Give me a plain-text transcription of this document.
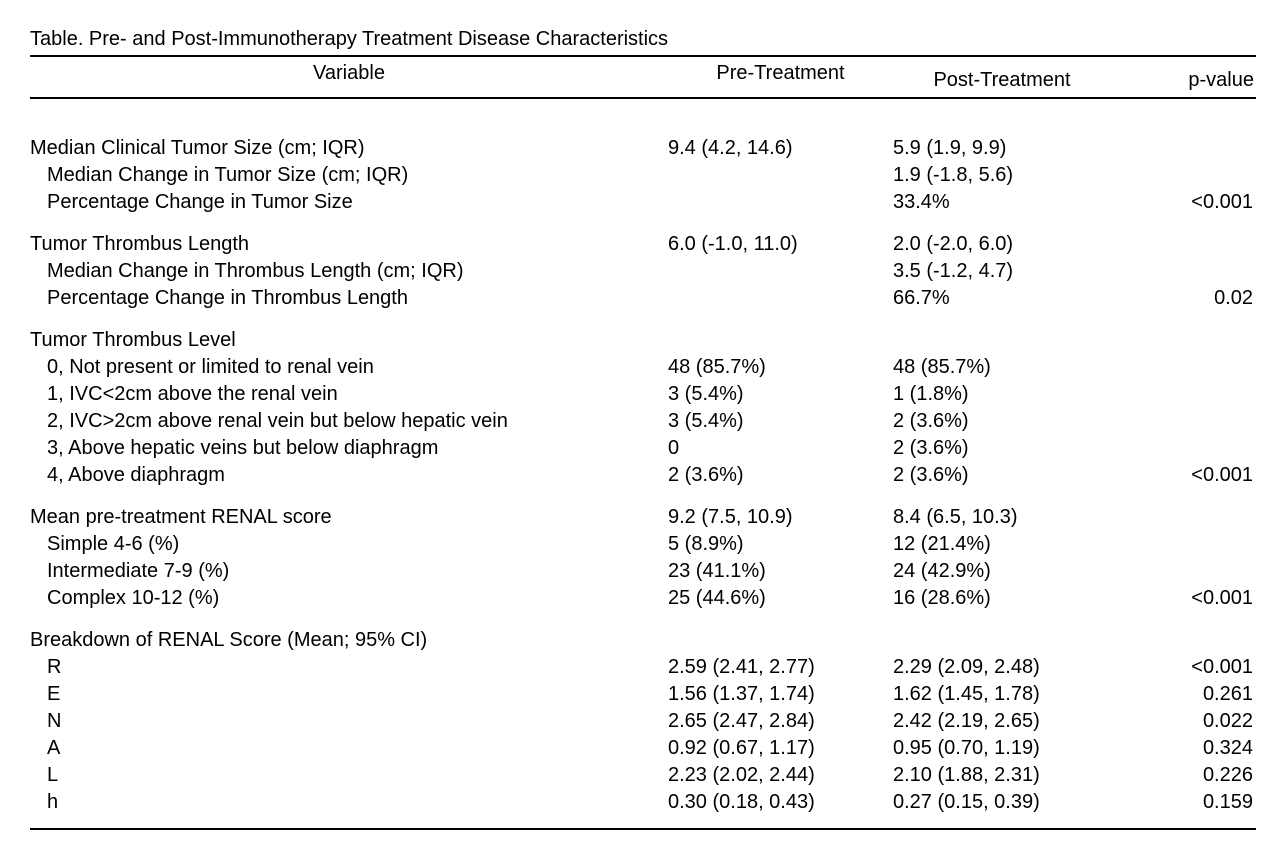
Table. Pre- and Post-Immunotherapy Treatment Disease Characteristics
Variable	Pre-Treatment	Post-Treatment	p-value
Median Clinical Tumor Size (cm; IQR)	9.4 (4.2, 14.6)	5.9 (1.9, 9.9)	
Median Change in Tumor Size (cm; IQR)		1.9 (-1.8, 5.6)	
Percentage Change in Tumor Size		33.4%	<0.001
Tumor Thrombus Length	6.0 (-1.0, 11.0)	2.0 (-2.0, 6.0)	
Median Change in Thrombus Length (cm; IQR)		3.5 (-1.2, 4.7)	
Percentage Change in Thrombus Length		66.7%	0.02
Tumor Thrombus Level			
0, Not present or limited to renal vein	48 (85.7%)	48 (85.7%)	
1, IVC<2cm above the renal vein	3 (5.4%)	1 (1.8%)	
2, IVC>2cm above renal vein but below hepatic vein	3 (5.4%)	2 (3.6%)	
3, Above hepatic veins but below diaphragm	0	2 (3.6%)	
4, Above diaphragm	2 (3.6%)	2 (3.6%)	<0.001
Mean pre-treatment RENAL score	9.2 (7.5, 10.9)	8.4 (6.5, 10.3)	
Simple 4-6 (%)	5 (8.9%)	12 (21.4%)	
Intermediate 7-9 (%)	23 (41.1%)	24 (42.9%)	
Complex 10-12 (%)	25 (44.6%)	16 (28.6%)	<0.001
Breakdown of RENAL Score (Mean; 95% CI)			
R	2.59 (2.41, 2.77)	2.29 (2.09, 2.48)	<0.001
E	1.56 (1.37, 1.74)	1.62 (1.45, 1.78)	0.261
N	2.65 (2.47, 2.84)	2.42 (2.19, 2.65)	0.022
A	0.92 (0.67, 1.17)	0.95 (0.70, 1.19)	0.324
L	2.23 (2.02, 2.44)	2.10 (1.88, 2.31)	0.226
h	0.30 (0.18, 0.43)	0.27 (0.15, 0.39)	0.159
